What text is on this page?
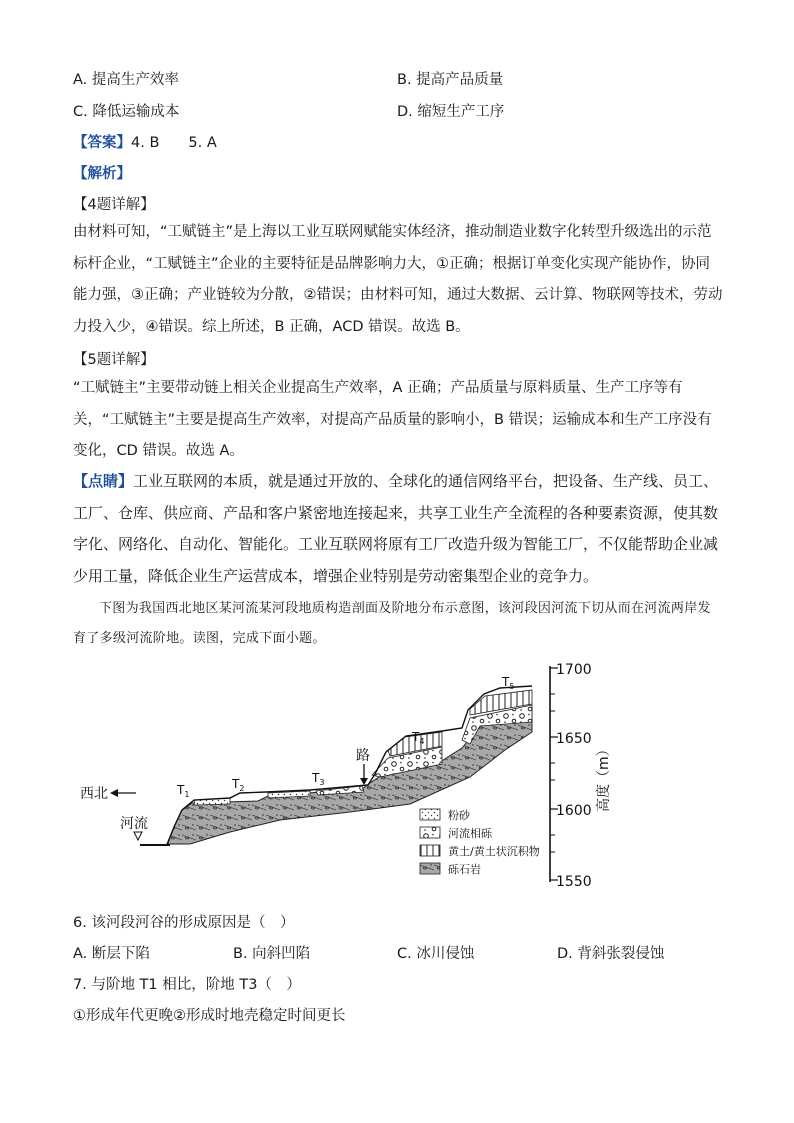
A. 提高生产效率	B. 提高产品质量
C. 降低运输成本	D. 缩短生产工序
【答案】4. B　　5. A
【解析】
【4题详解】
由材料可知，“工赋链主”是上海以工业互联网赋能实体经济，推动制造业数字化转型升级选出的示范标杆企业，“工赋链主”企业的主要特征是品牌影响力大，①正确；根据订单变化实现产能协作，协同能力强，③正确；产业链较为分散，②错误；由材料可知，通过大数据、云计算、物联网等技术，劳动力投入少，④错误。综上所述，B 正确，ACD 错误。故选 B。
【5题详解】
“工赋链主”主要带动链上相关企业提高生产效率，A 正确；产品质量与原料质量、生产工序等有关，“工赋链主”主要是提高生产效率，对提高产品质量的影响小，B 错误；运输成本和生产工序没有变化，CD 错误。故选 A。
【点睛】工业互联网的本质，就是通过开放的、全球化的通信网络平台，把设备、生产线、员工、工厂、仓库、供应商、产品和客户紧密地连接起来，共享工业生产全流程的各种要素资源，使其数字化、网络化、自动化、智能化。工业互联网将原有工厂改造升级为智能工厂，不仅能帮助企业减少用工量，降低企业生产运营成本，增强企业特别是劳动密集型企业的竞争力。
下图为我国西北地区某河流某河段地质构造剖面及阶地分布示意图，该河段因河流下切从而在河流两岸发育了多级河流阶地。读图，完成下面小题。
西北
河流
$T_1$
$T_2$
$T_3$
$T_4$
$T_5$
路
粉砂
河流相砾
黄土/黄土状沉积物
砾石岩
1700
1650
1600
1550
高度（m）
6. 该河段河谷的形成原因是（　）
A. 断层下陷	B. 向斜凹陷	C. 冰川侵蚀	D. 背斜张裂侵蚀
7. 与阶地 T1 相比，阶地 T3（　）
①形成年代更晚②形成时地壳稳定时间更长
